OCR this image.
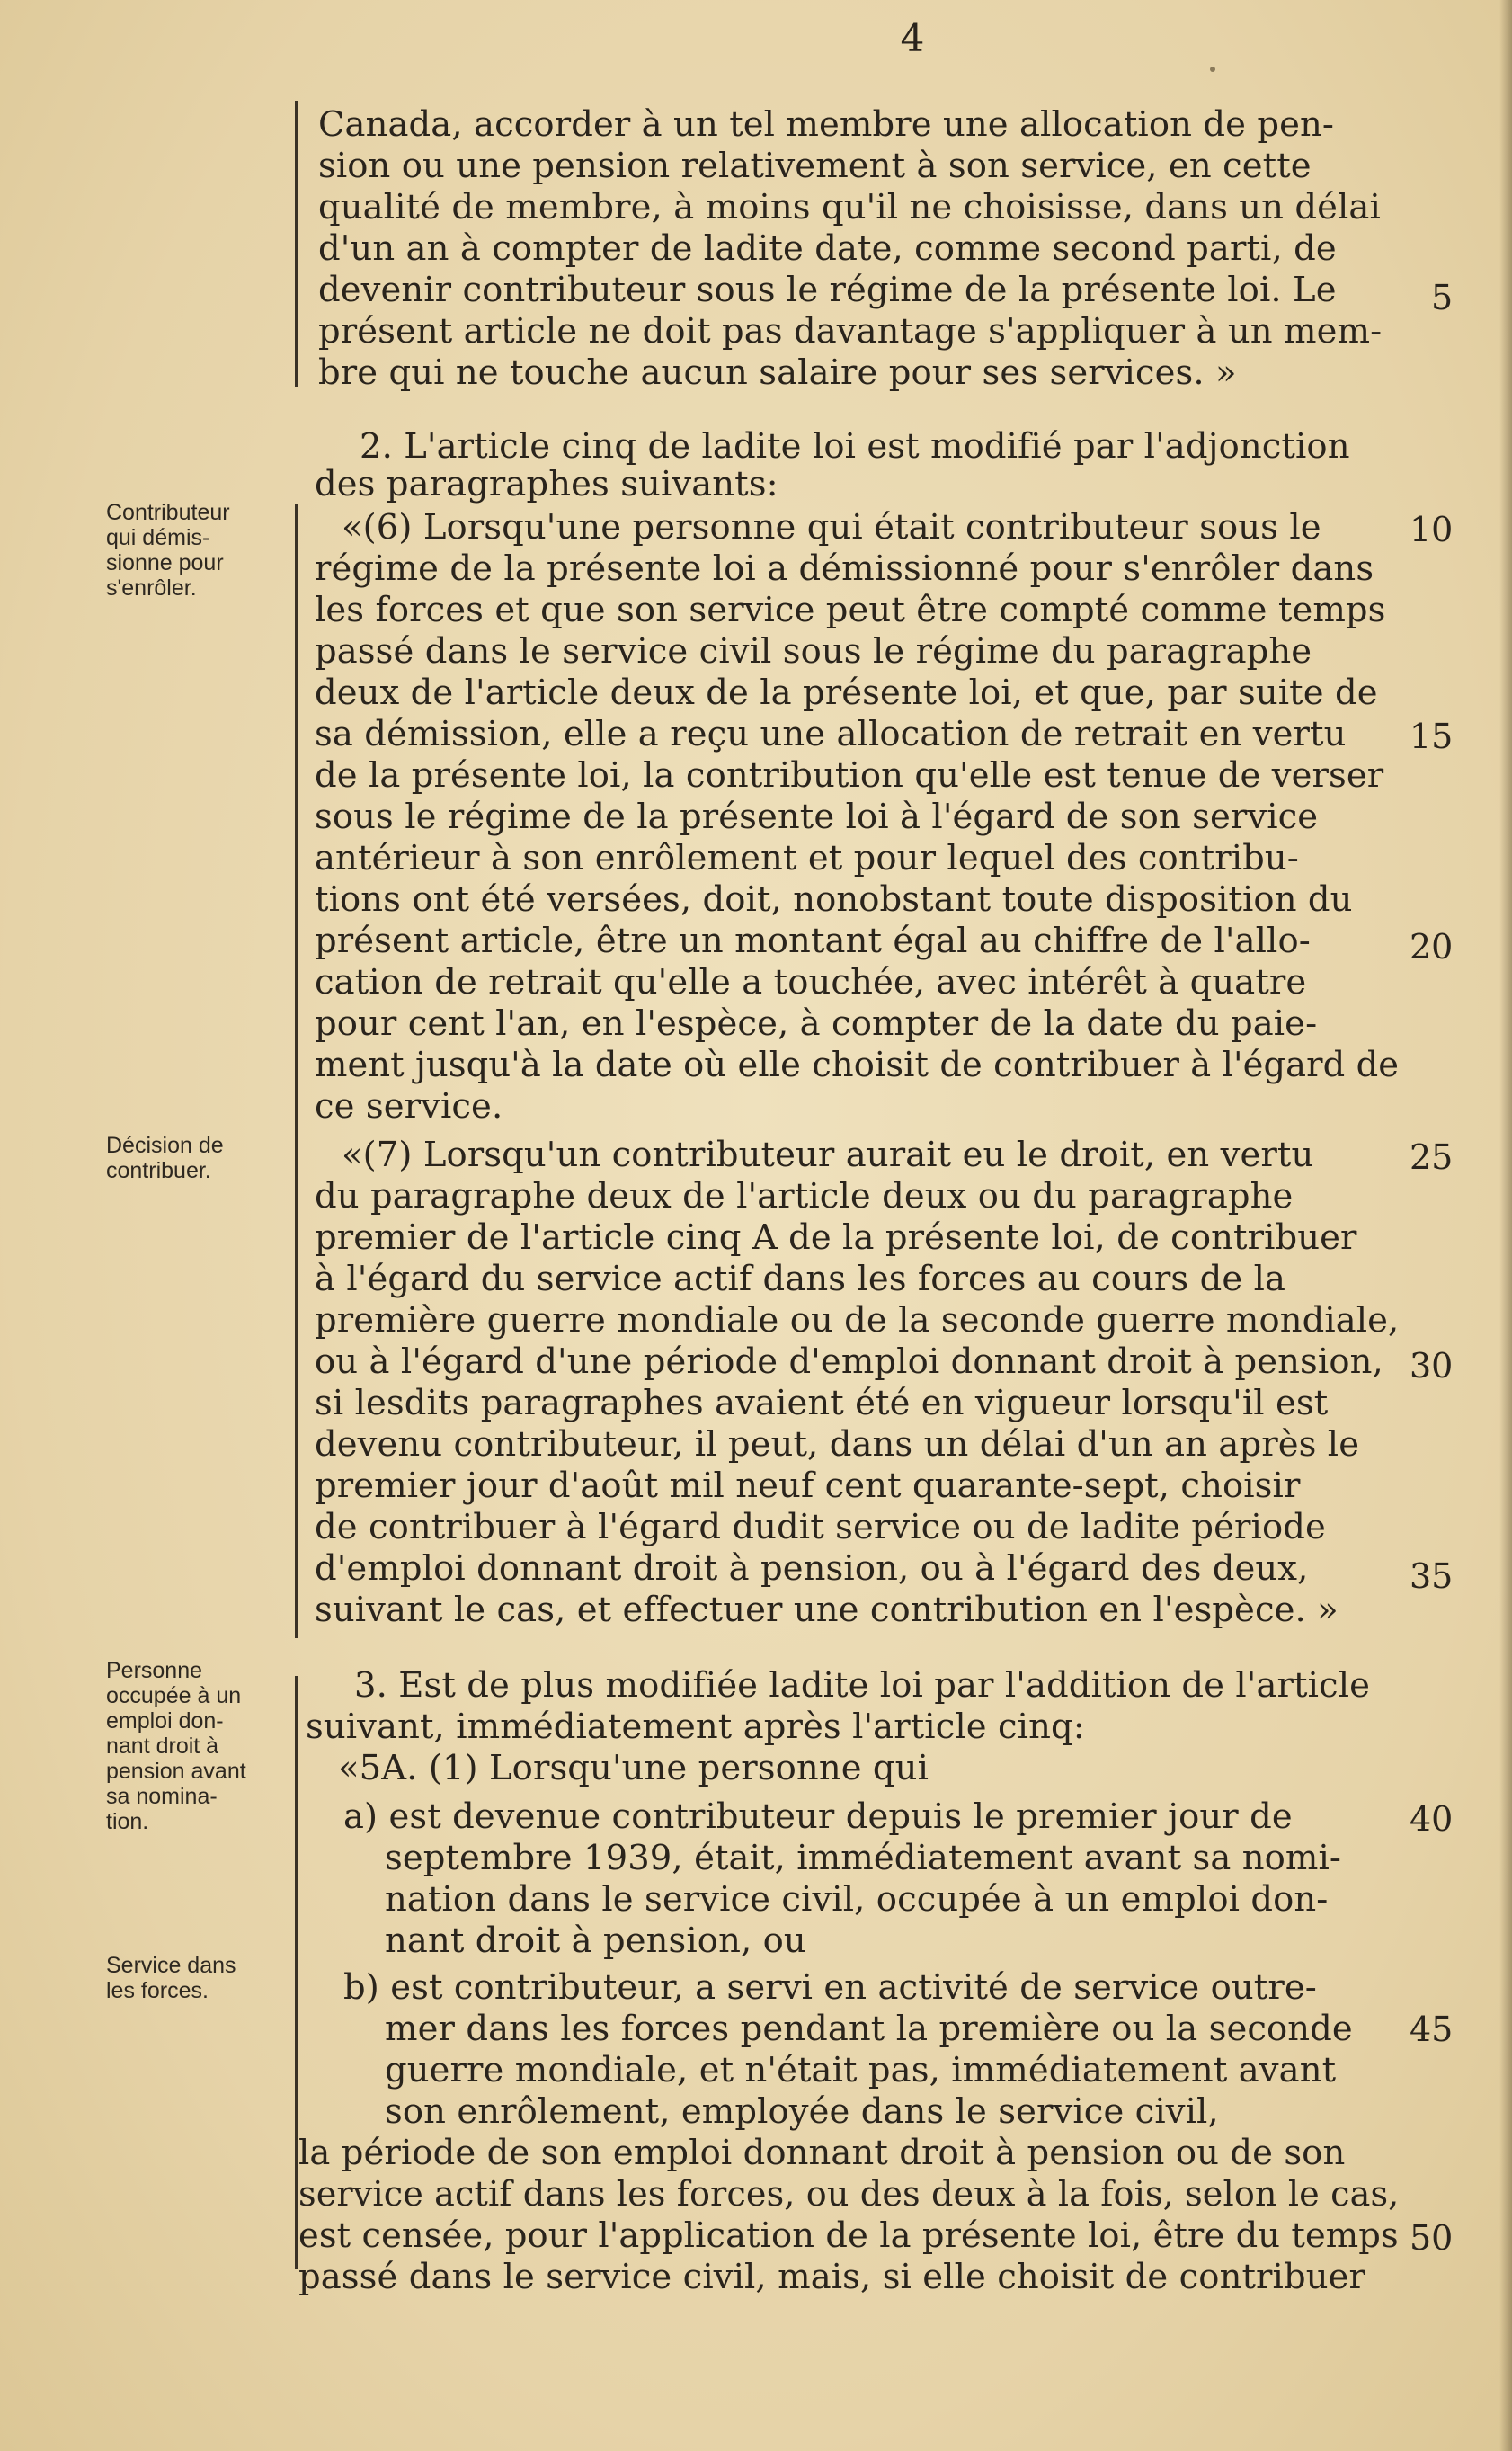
4
Contributeur
qui démis-
sionne pour
s'enrôler.
Décision de
contribuer.
Personne
occupée à un
emploi don-
nant droit à
pension avant
sa nomina-
tion.
Service dans
les forces.
Canada, accorder à un tel membre une allocation de pen-
sion ou une pension relativement à son service, en cette
qualité de membre, à moins qu'il ne choisisse, dans un délai
d'un an à compter de ladite date, comme second parti, de
devenir contributeur sous le régime de la présente loi. Le
présent article ne doit pas davantage s'appliquer à un mem-
bre qui ne touche aucun salaire pour ses services. »
2. L'article cinq de ladite loi est modifié par l'adjonction
des paragraphes suivants:
«(6) Lorsqu'une personne qui était contributeur sous le
régime de la présente loi a démissionné pour s'enrôler dans
les forces et que son service peut être compté comme temps
passé dans le service civil sous le régime du paragraphe
deux de l'article deux de la présente loi, et que, par suite de
sa démission, elle a reçu une allocation de retrait en vertu
de la présente loi, la contribution qu'elle est tenue de verser
sous le régime de la présente loi à l'égard de son service
antérieur à son enrôlement et pour lequel des contribu-
tions ont été versées, doit, nonobstant toute disposition du
présent article, être un montant égal au chiffre de l'allo-
cation de retrait qu'elle a touchée, avec intérêt à quatre
pour cent l'an, en l'espèce, à compter de la date du paie-
ment jusqu'à la date où elle choisit de contribuer à l'égard de
ce service.
«(7) Lorsqu'un contributeur aurait eu le droit, en vertu
du paragraphe deux de l'article deux ou du paragraphe
premier de l'article cinq A de la présente loi, de contribuer
à l'égard du service actif dans les forces au cours de la
première guerre mondiale ou de la seconde guerre mondiale,
ou à l'égard d'une période d'emploi donnant droit à pension,
si lesdits paragraphes avaient été en vigueur lorsqu'il est
devenu contributeur, il peut, dans un délai d'un an après le
premier jour d'août mil neuf cent quarante-sept, choisir
de contribuer à l'égard dudit service ou de ladite période
d'emploi donnant droit à pension, ou à l'égard des deux,
suivant le cas, et effectuer une contribution en l'espèce. »
3. Est de plus modifiée ladite loi par l'addition de l'article
suivant, immédiatement après l'article cinq:
«5A. (1) Lorsqu'une personne qui
a) est devenue contributeur depuis le premier jour de
septembre 1939, était, immédiatement avant sa nomi-
nation dans le service civil, occupée à un emploi don-
nant droit à pension, ou
b) est contributeur, a servi en activité de service outre-
mer dans les forces pendant la première ou la seconde
guerre mondiale, et n'était pas, immédiatement avant
son enrôlement, employée dans le service civil,
la période de son emploi donnant droit à pension ou de son
service actif dans les forces, ou des deux à la fois, selon le cas,
est censée, pour l'application de la présente loi, être du temps
passé dans le service civil, mais, si elle choisit de contribuer
5
10
15
20
25
30
35
40
45
50
